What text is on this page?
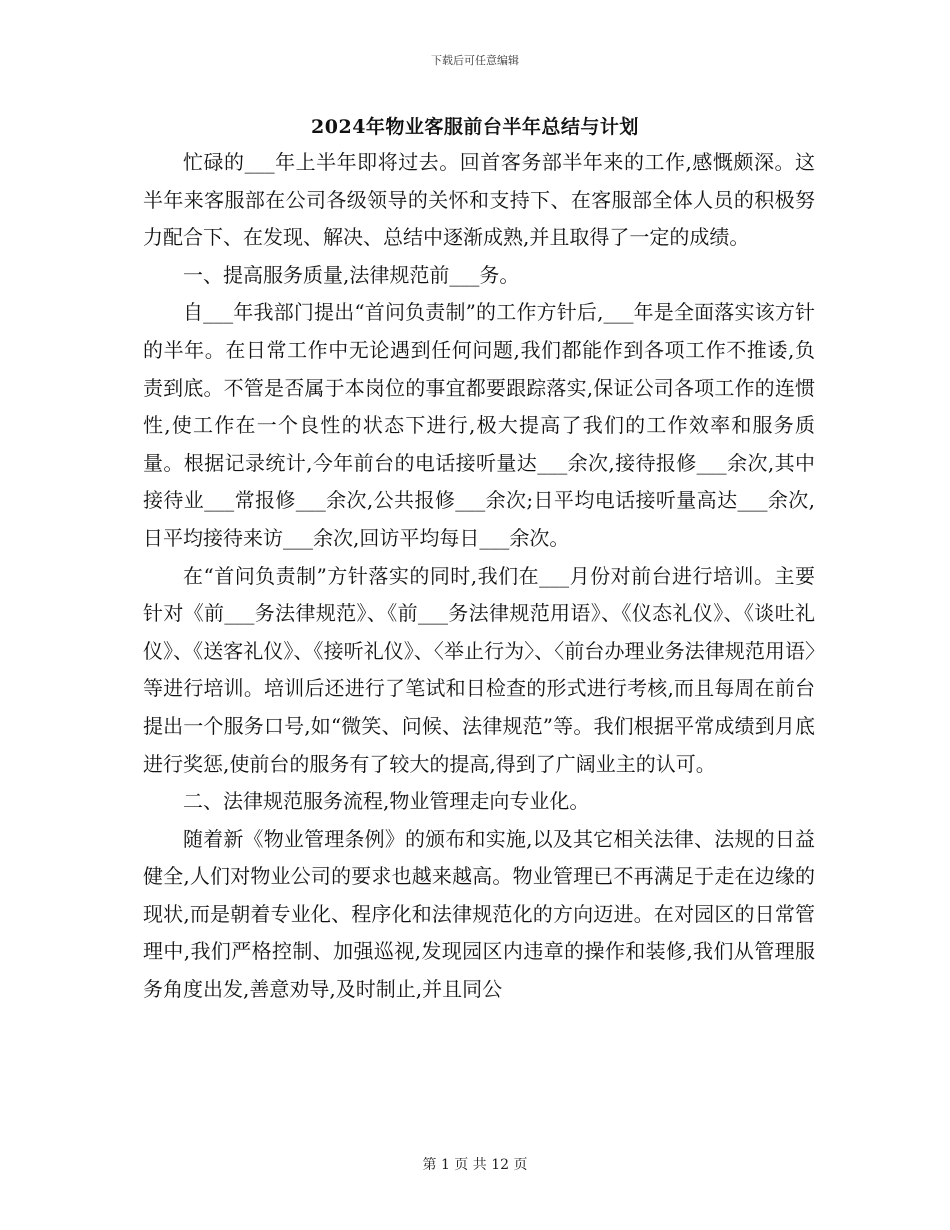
下载后可任意编辑
2024年物业客服前台半年总结与计划

忙碌的___年上半年即将过去。回首客务部半年来的工作,感慨颇深。这半年来客服部在公司各级领导的关怀和支持下、在客服部全体人员的积极努力配合下、在发现、解决、总结中逐渐成熟,并且取得了一定的成绩。

一、提高服务质量,法律规范前___务。

自___年我部门提出“首问负责制”的工作方针后,___年是全面落实该方针的半年。在日常工作中无论遇到任何问题,我们都能作到各项工作不推诿,负责到底。不管是否属于本岗位的事宜都要跟踪落实,保证公司各项工作的连惯性,使工作在一个良性的状态下进行,极大提高了我们的工作效率和服务质量。根据记录统计,今年前台的电话接听量达___余次,接待报修___余次,其中接待业___常报修___余次,公共报修___余次;日平均电话接听量高达___余次,日平均接待来访___余次,回访平均每日___余次。

在“首问负责制”方针落实的同时,我们在___月份对前台进行培训。主要针对《前___务法律规范》、《前___务法律规范用语》、《仪态礼仪》、《谈吐礼仪》、《送客礼仪》、《接听礼仪》、〈举止行为〉、〈前台办理业务法律规范用语〉等进行培训。培训后还进行了笔试和日检查的形式进行考核,而且每周在前台提出一个服务口号,如“微笑、问候、法律规范”等。我们根据平常成绩到月底进行奖惩,使前台的服务有了较大的提高,得到了广阔业主的认可。

二、法律规范服务流程,物业管理走向专业化。

随着新《物业管理条例》的颁布和实施,以及其它相关法律、法规的日益健全,人们对物业公司的要求也越来越高。物业管理已不再满足于走在边缘的现状,而是朝着专业化、程序化和法律规范化的方向迈进。在对园区的日常管理中,我们严格控制、加强巡视,发现园区内违章的操作和装修,我们从管理服务角度出发,善意劝导,及时制止,并且同公

第 1 页 共 12 页
